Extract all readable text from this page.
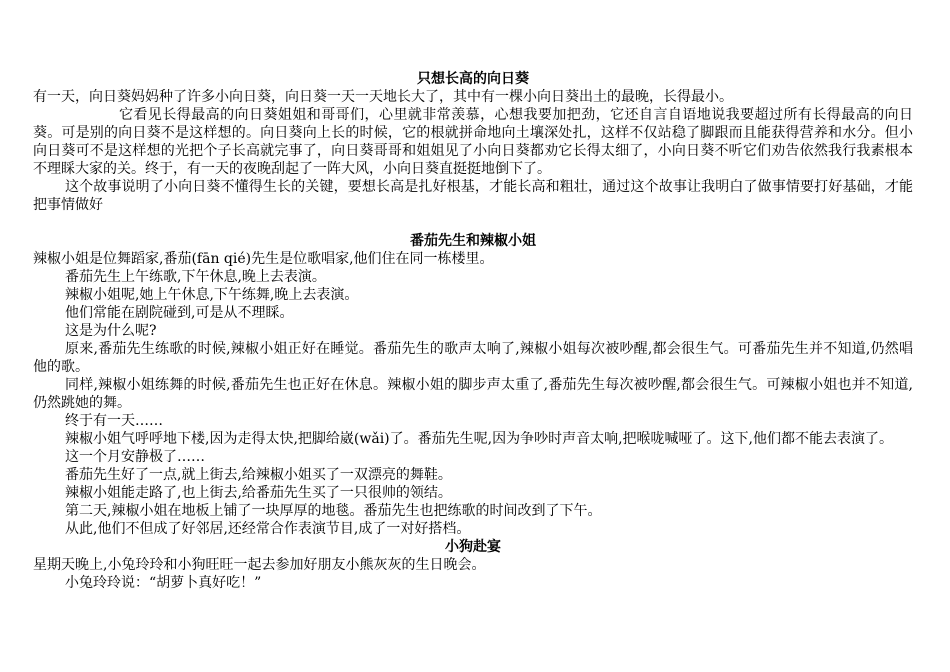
只想长高的向日葵

有一天，向日葵妈妈种了许多小向日葵，向日葵一天一天地长大了，其中有一棵小向日葵出土的最晚，长得最小。

它看见长得最高的向日葵姐姐和哥哥们，心里就非常羡慕，心想我要加把劲，它还自言自语地说我要超过所有长得最高的向日葵。可是别的向日葵不是这样想的。向日葵向上长的时候，它的根就拼命地向土壤深处扎，这样不仅站稳了脚跟而且能获得营养和水分。但小向日葵可不是这样想的光把个子长高就完事了，向日葵哥哥和姐姐见了小向日葵都劝它长得太细了，小向日葵不听它们劝告依然我行我素根本不理睬大家的关。终于，有一天的夜晚刮起了一阵大风，小向日葵直挺挺地倒下了。

这个故事说明了小向日葵不懂得生长的关键，要想长高是扎好根基，才能长高和粗壮，通过这个故事让我明白了做事情要打好基础，才能把事情做好

番茄先生和辣椒小姐

辣椒小姐是位舞蹈家,番茄(fān qié)先生是位歌唱家,他们住在同一栋楼里。

番茄先生上午练歌,下午休息,晚上去表演。

辣椒小姐呢,她上午休息,下午练舞,晚上去表演。

他们常能在剧院碰到,可是从不理睬。

这是为什么呢?

原来,番茄先生练歌的时候,辣椒小姐正好在睡觉。番茄先生的歌声太响了,辣椒小姐每次被吵醒,都会很生气。可番茄先生并不知道,仍然唱他的歌。

同样,辣椒小姐练舞的时候,番茄先生也正好在休息。辣椒小姐的脚步声太重了,番茄先生每次被吵醒,都会很生气。可辣椒小姐也并不知道,仍然跳她的舞。

终于有一天……

辣椒小姐气呼呼地下楼,因为走得太快,把脚给崴(wǎi)了。番茄先生呢,因为争吵时声音太响,把喉咙喊哑了。这下,他们都不能去表演了。

这一个月安静极了……

番茄先生好了一点,就上街去,给辣椒小姐买了一双漂亮的舞鞋。

辣椒小姐能走路了,也上街去,给番茄先生买了一只很帅的领结。

第二天,辣椒小姐在地板上铺了一块厚厚的地毯。番茄先生也把练歌的时间改到了下午。

从此,他们不但成了好邻居,还经常合作表演节目,成了一对好搭档。

小狗赴宴

星期天晚上,小兔玲玲和小狗旺旺一起去参加好朋友小熊灰灰的生日晚会。

小兔玲玲说：“胡萝卜真好吃！”
